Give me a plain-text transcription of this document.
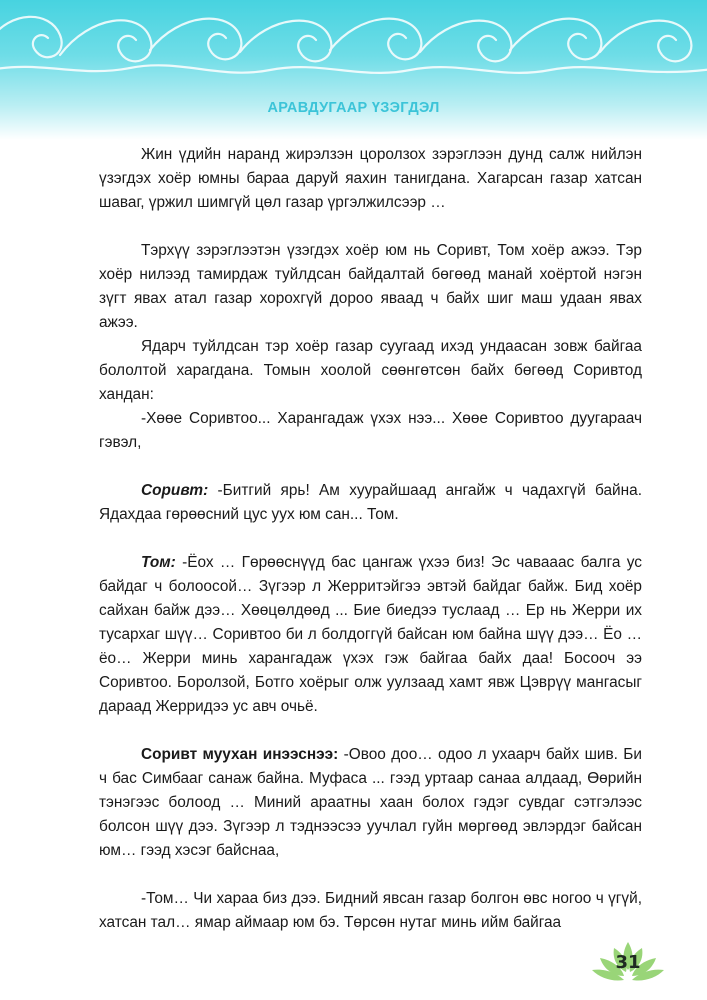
АРАВДУГААР ҮЗЭГДЭЛ

Жин үдийн наранд жирэлзэн цоролзох зэрэглээн дунд салж нийлэн үзэгдэх хоёр юмны бараа даруй яахин танигдана. Хагарсан газар хатсан шаваг, үржил шимгүй цөл газар үргэлжилсээр …

Тэрхүү зэрэглээтэн үзэгдэх хоёр юм нь Соривт, Том хоёр ажээ. Тэр хоёр нилээд тамирдаж туйлдсан байдалтай бөгөөд манай хоёртой нэгэн зүгт явах атал газар хорохгүй дороо яваад ч байх шиг маш удаан явах ажээ.

Ядарч туйлдсан тэр хоёр газар суугаад ихэд ундаасан зовж байгаа бололтой харагдана. Томын хоолой сөөнгөтсөн байх бөгөөд Соривтод хандан:

-Хөөе Соривтоо... Харангадаж үхэх нээ... Хөөе Соривтоо дуугараач гэвэл,

Соривт: -Битгий ярь! Ам хуурайшаад ангайж ч чадахгүй байна. Ядахдаа гөрөөсний цус уух юм сан... Том.

Том: -Ёох … Гөрөөснүүд бас цангаж үхээ биз! Эс чавааас балга ус байдаг ч болоосой… Зүгээр л Жерритэйгээ эвтэй байдаг байж. Бид хоёр сайхан байж дээ… Хөөцөлдөөд ... Бие биедээ туслаад … Ер нь Жерри их тусархаг шүү… Соривтоо би л болдоггүй байсан юм байна шүү дээ… Ёо … ёо… Жерри минь харангадаж үхэх гэж байгаа байх даа! Босооч ээ Соривтоо. Боролзой, Ботго хоёрыг олж уулзаад хамт явж Цэврүү мангасыг дараад Жерридээ ус авч очьё.

Соривт муухан инээснээ: -Овоо доо… одоо л ухаарч байх шив. Би ч бас Симбааг санаж байна. Муфаса ... гээд уртаар санаа алдаад, Өөрийн тэнэгээс болоод … Миний араатны хаан болох гэдэг сувдаг сэтгэлээс болсон шүү дээ. Зүгээр л тэднээсээ уучлал гуйн мөргөөд эвлэрдэг байсан юм… гээд хэсэг байснаа,

-Том… Чи хараа биз дээ. Бидний явсан газар болгон өвс ногоо ч үгүй, хатсан тал… ямар аймаар юм бэ. Төрсөн нутаг минь ийм байгаа

31
